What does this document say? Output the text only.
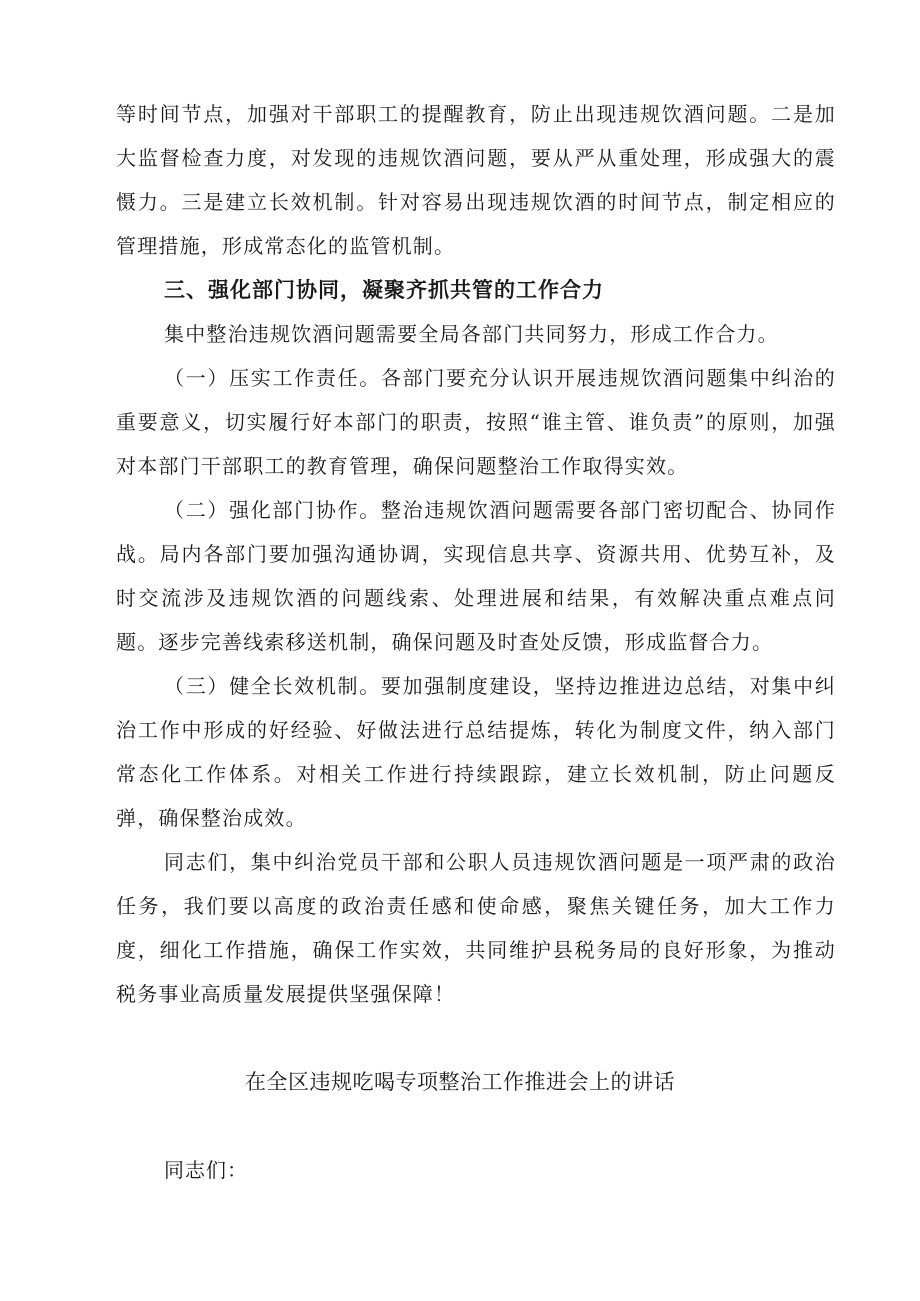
等时间节点，加强对干部职工的提醒教育，防止出现违规饮酒问题。二是加大监督检查力度，对发现的违规饮酒问题，要从严从重处理，形成强大的震慑力。三是建立长效机制。针对容易出现违规饮酒的时间节点，制定相应的管理措施，形成常态化的监管机制。

三、强化部门协同，凝聚齐抓共管的工作合力

集中整治违规饮酒问题需要全局各部门共同努力，形成工作合力。

（一）压实工作责任。各部门要充分认识开展违规饮酒问题集中纠治的重要意义，切实履行好本部门的职责，按照“谁主管、谁负责”的原则，加强对本部门干部职工的教育管理，确保问题整治工作取得实效。

（二）强化部门协作。整治违规饮酒问题需要各部门密切配合、协同作战。局内各部门要加强沟通协调，实现信息共享、资源共用、优势互补，及时交流涉及违规饮酒的问题线索、处理进展和结果，有效解决重点难点问题。逐步完善线索移送机制，确保问题及时查处反馈，形成监督合力。

（三）健全长效机制。要加强制度建设，坚持边推进边总结，对集中纠治工作中形成的好经验、好做法进行总结提炼，转化为制度文件，纳入部门常态化工作体系。对相关工作进行持续跟踪，建立长效机制，防止问题反弹，确保整治成效。

同志们，集中纠治党员干部和公职人员违规饮酒问题是一项严肃的政治任务，我们要以高度的政治责任感和使命感，聚焦关键任务，加大工作力度，细化工作措施，确保工作实效，共同维护县税务局的良好形象，为推动税务事业高质量发展提供坚强保障！

在全区违规吃喝专项整治工作推进会上的讲话
同志们：
